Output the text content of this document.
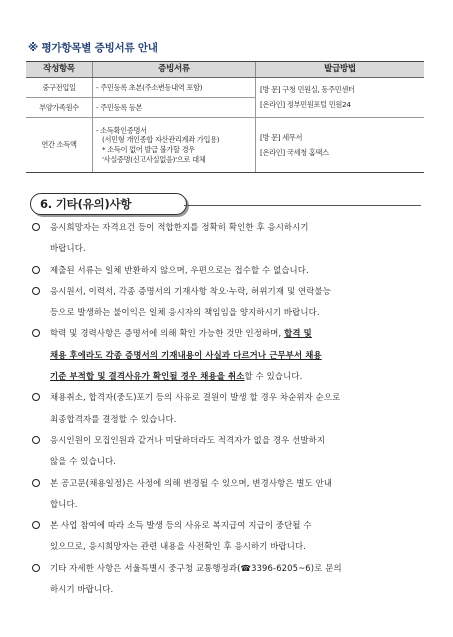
※ 평가항목별 증빙서류 안내
작성항목	증빙서류	발급방법
중구전입일	- 주민등록 초본(주소변동내역 포함)	[방 문] 구청 민원실, 동주민센터
[온라인] 정부민원포털 민원24

부양가족원수	- 주민등록 등본	

연간 소득액	- 소득확인증명서
(서민형 개인종합 자산관리계좌 가입용)
* 소득이 없어 발급 불가할 경우
'사실증명(신고사실없음)'으로 대체	[방 문] 세무서
[온라인] 국세청 홈택스
6. 기타(유의)사항
응시희망자는 자격요건 등이 적합한지를 정확히 확인한 후 응시하시기
바랍니다.
제출된 서류는 일체 반환하지 않으며, 우편으로는 접수할 수 없습니다.
응시원서, 이력서, 각종 증명서의 기재사항 착오·누락, 허위기재 및 연락불능
등으로 발생하는 불이익은 일체 응시자의 책임임을 양지하시기 바랍니다.
학력 및 경력사항은 증명서에 의해 확인 가능한 것만 인정하며, 합격 및
채용 후에라도 각종 증명서의 기재내용이 사실과 다르거나 근무부서 채용
기준 부적합 및 결격사유가 확인될 경우 채용을 취소할 수 있습니다.
채용취소, 합격자(중도)포기 등의 사유로 결원이 발생 할 경우 차순위자 순으로
최종합격자를 결정할 수 있습니다.
응시인원이 모집인원과 같거나 미달하더라도 적격자가 없을 경우 선발하지
않을 수 있습니다.
본 공고문(채용일정)은 사정에 의해 변경될 수 있으며, 변경사항은 별도 안내
합니다.
본 사업 참여에 따라 소득 발생 등의 사유로 복지급여 지급이 중단될 수
있으므로, 응시희망자는 관련 내용을 사전확인 후 응시하기 바랍니다.
기타 자세한 사항은 서울특별시 중구청 교통행정과(☎3396-6205~6)로 문의
하시기 바랍니다.
